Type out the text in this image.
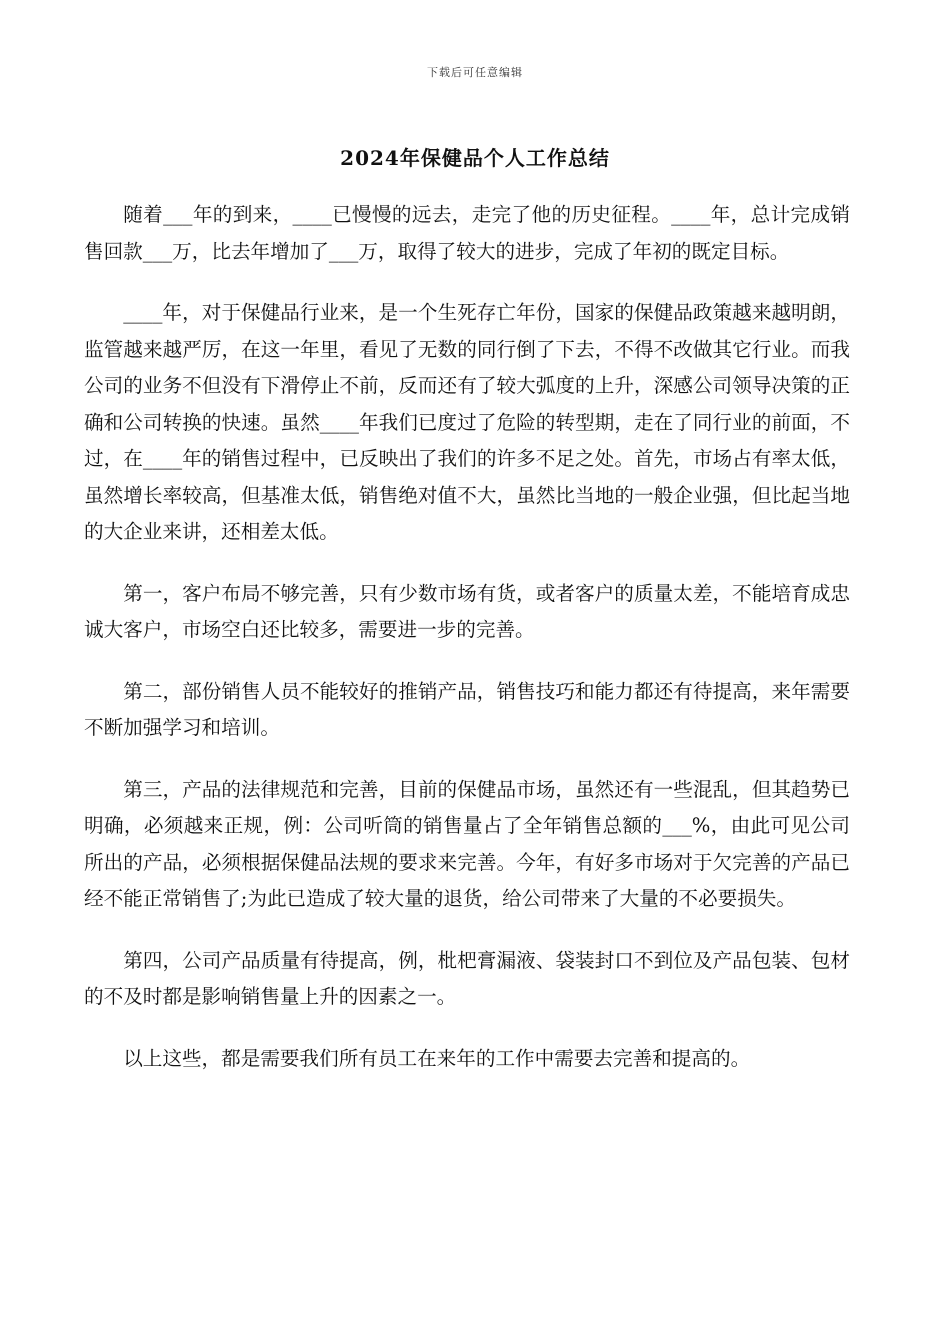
下载后可任意编辑
2024年保健品个人工作总结

随着___年的到来，____已慢慢的远去，走完了他的历史征程。____年，总计完成销售回款___万，比去年增加了___万，取得了较大的进步，完成了年初的既定目标。

____年，对于保健品行业来，是一个生死存亡年份，国家的保健品政策越来越明朗，监管越来越严厉，在这一年里，看见了无数的同行倒了下去，不得不改做其它行业。而我公司的业务不但没有下滑停止不前，反而还有了较大弧度的上升，深感公司领导决策的正确和公司转换的快速。虽然____年我们已度过了危险的转型期，走在了同行业的前面，不过，在____年的销售过程中，已反映出了我们的许多不足之处。首先，市场占有率太低，虽然增长率较高，但基准太低，销售绝对值不大，虽然比当地的一般企业强，但比起当地的大企业来讲，还相差太低。

第一，客户布局不够完善，只有少数市场有货，或者客户的质量太差，不能培育成忠诚大客户，市场空白还比较多，需要进一步的完善。

第二，部份销售人员不能较好的推销产品，销售技巧和能力都还有待提高，来年需要不断加强学习和培训。

第三，产品的法律规范和完善，目前的保健品市场，虽然还有一些混乱，但其趋势已明确，必须越来正规，例：公司听筒的销售量占了全年销售总额的___%，由此可见公司所出的产品，必须根据保健品法规的要求来完善。今年，有好多市场对于欠完善的产品已经不能正常销售了;为此已造成了较大量的退货，给公司带来了大量的不必要损失。

第四，公司产品质量有待提高，例，枇杷膏漏液、袋装封口不到位及产品包装、包材的不及时都是影响销售量上升的因素之一。

以上这些，都是需要我们所有员工在来年的工作中需要去完善和提高的。
